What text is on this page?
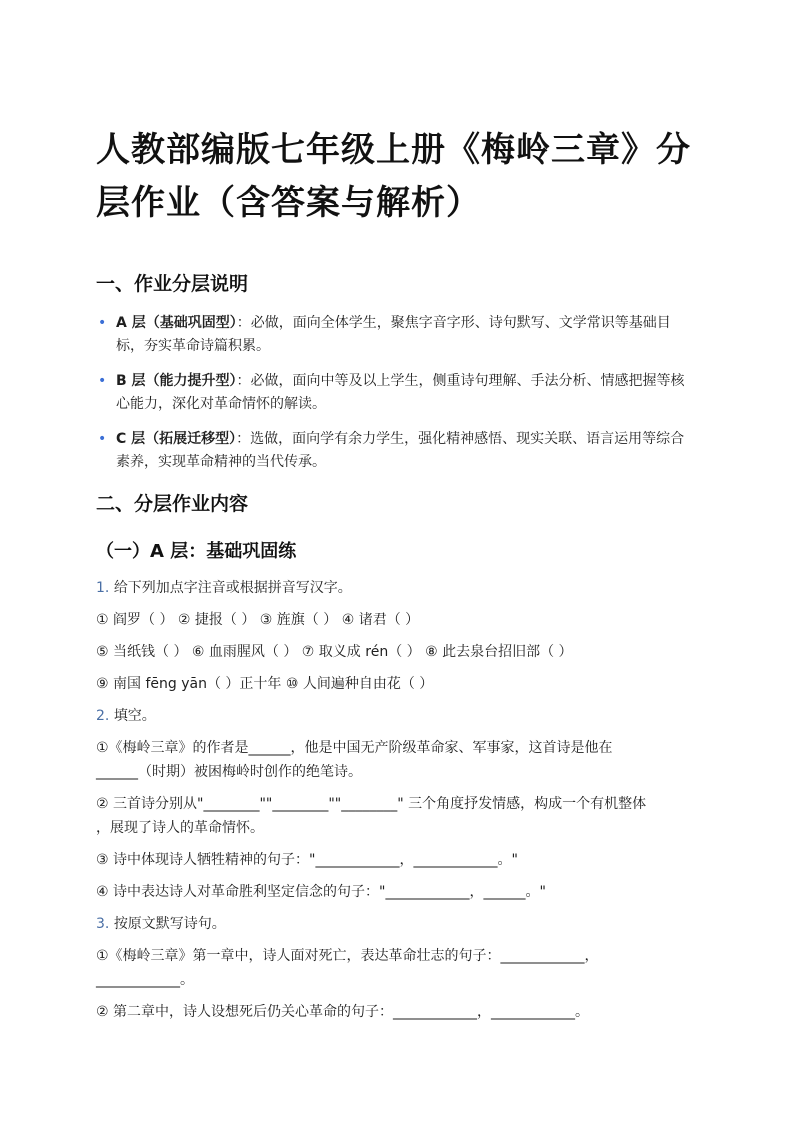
人教部编版七年级上册《梅岭三章》分层作业（含答案与解析）
一、作业分层说明
• A 层（基础巩固型）：必做，面向全体学生，聚焦字音字形、诗句默写、文学常识等基础目标，夯实革命诗篇积累。
• B 层（能力提升型）：必做，面向中等及以上学生，侧重诗句理解、手法分析、情感把握等核心能力，深化对革命情怀的解读。
• C 层（拓展迁移型）：选做，面向学有余力学生，强化精神感悟、现实关联、语言运用等综合素养，实现革命精神的当代传承。
二、分层作业内容
（一）A 层：基础巩固练

1. 给下列加点字注音或根据拼音写汉字。

① 阎罗（ ） ② 捷报（ ） ③ 旌旗（ ） ④ 诸君（ ）

⑤ 当纸钱（ ） ⑥ 血雨腥风（ ） ⑦ 取义成 rén（ ） ⑧ 此去泉台招旧部（ ）

⑨ 南国 fēng yān（ ）正十年 ⑩ 人间遍种自由花（ ）

2. 填空。

①《梅岭三章》的作者是______，他是中国无产阶级革命家、军事家，这首诗是他在

______（时期）被困梅岭时创作的绝笔诗。

② 三首诗分别从"________""________""________" 三个角度抒发情感，构成一个有机整体

，展现了诗人的革命情怀。

③ 诗中体现诗人牺牲精神的句子："____________，____________。"

④ 诗中表达诗人对革命胜利坚定信念的句子："____________，______。"

3. 按原文默写诗句。

①《梅岭三章》第一章中，诗人面对死亡，表达革命壮志的句子：____________，

____________。

② 第二章中，诗人设想死后仍关心革命的句子：____________，____________。
